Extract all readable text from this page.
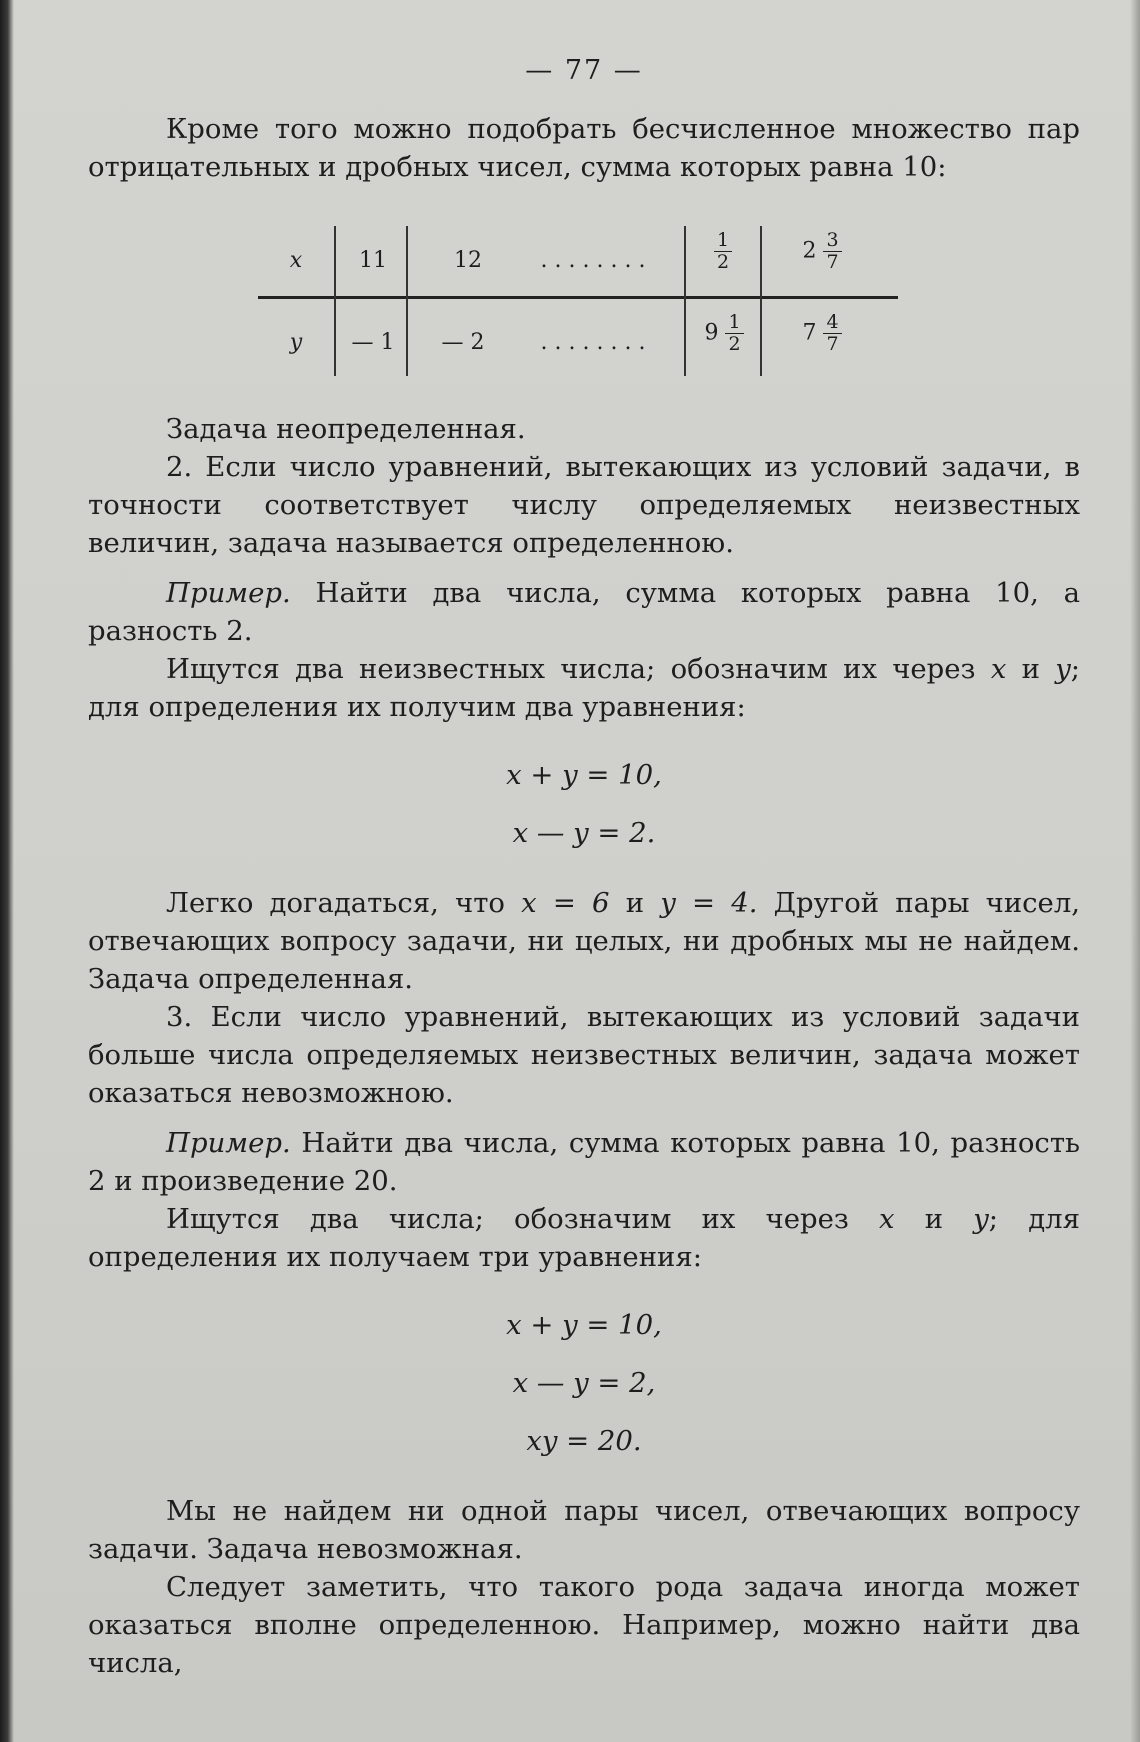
— 77 —

Кроме того можно подобрать бесчисленное множество пар отрицательных и дробных чисел, сумма которых равна 10:

x	11	12	. . . . . . . .	$\frac{1}{2}$	$2 \frac{3}{7}$
y	— 1	— 2	. . . . . . . .	$9 \frac{1}{2}$	$7 \frac{4}{7}$

Задача неопределенная.

2. Если число уравнений, вытекающих из условий задачи, в точности соответствует числу определяемых неизвестных величин, задача называется определенною.

Пример. Найти два числа, сумма которых равна 10, а разность 2.

Ищутся два неизвестных числа; обозначим их через x и y; для определения их получим два уравнения:

x + y = 10,
x — y = 2.

Легко догадаться, что x = 6 и y = 4. Другой пары чисел, отвечающих вопросу задачи, ни целых, ни дробных мы не найдем. Задача определенная.

3. Если число уравнений, вытекающих из условий задачи больше числа определяемых неизвестных величин, задача может оказаться невозможною.

Пример. Найти два числа, сумма которых равна 10, разность 2 и произведение 20.

Ищутся два числа; обозначим их через x и y; для определения их получаем три уравнения:

x + y = 10,
x — y = 2,
xy = 20.

Мы не найдем ни одной пары чисел, отвечающих вопросу задачи. Задача невозможная.

Следует заметить, что такого рода задача иногда может оказаться вполне определенною. Например, можно найти два числа,
